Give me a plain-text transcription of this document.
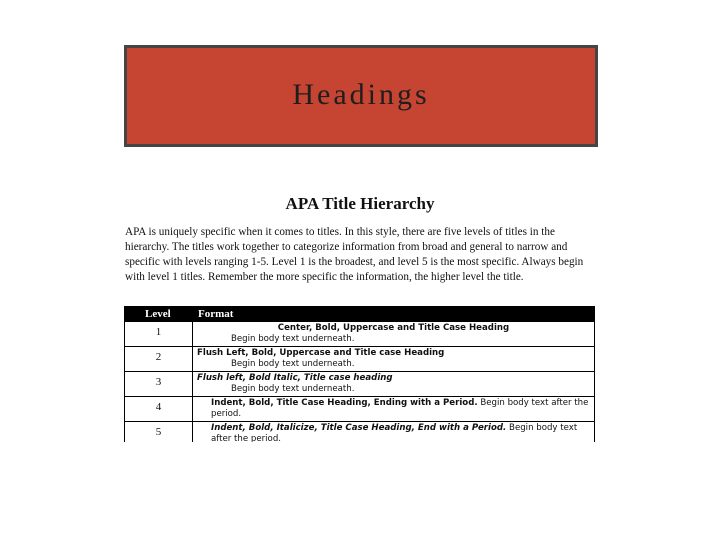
Headings
APA Title Hierarchy
APA is uniquely specific when it comes to titles. In this style, there are five levels of titles in the hierarchy. The titles work together to categorize information from broad and general to narrow and specific with levels ranging 1-5. Level 1 is the broadest, and level 5 is the most specific. Always begin with level 1 titles. Remember the more specific the information, the higher level the title.
Level	Format
1	Center, Bold, Uppercase and Title Case Heading
Begin body text underneath.
2	Flush Left, Bold, Uppercase and Title case Heading
Begin body text underneath.
3	Flush left, Bold Italic, Title case heading
Begin body text underneath.
4	Indent, Bold, Title Case Heading, Ending with a Period. Begin body text after the period.
5	Indent, Bold, Italicize, Title Case Heading, End with a Period. Begin body text after the period.
